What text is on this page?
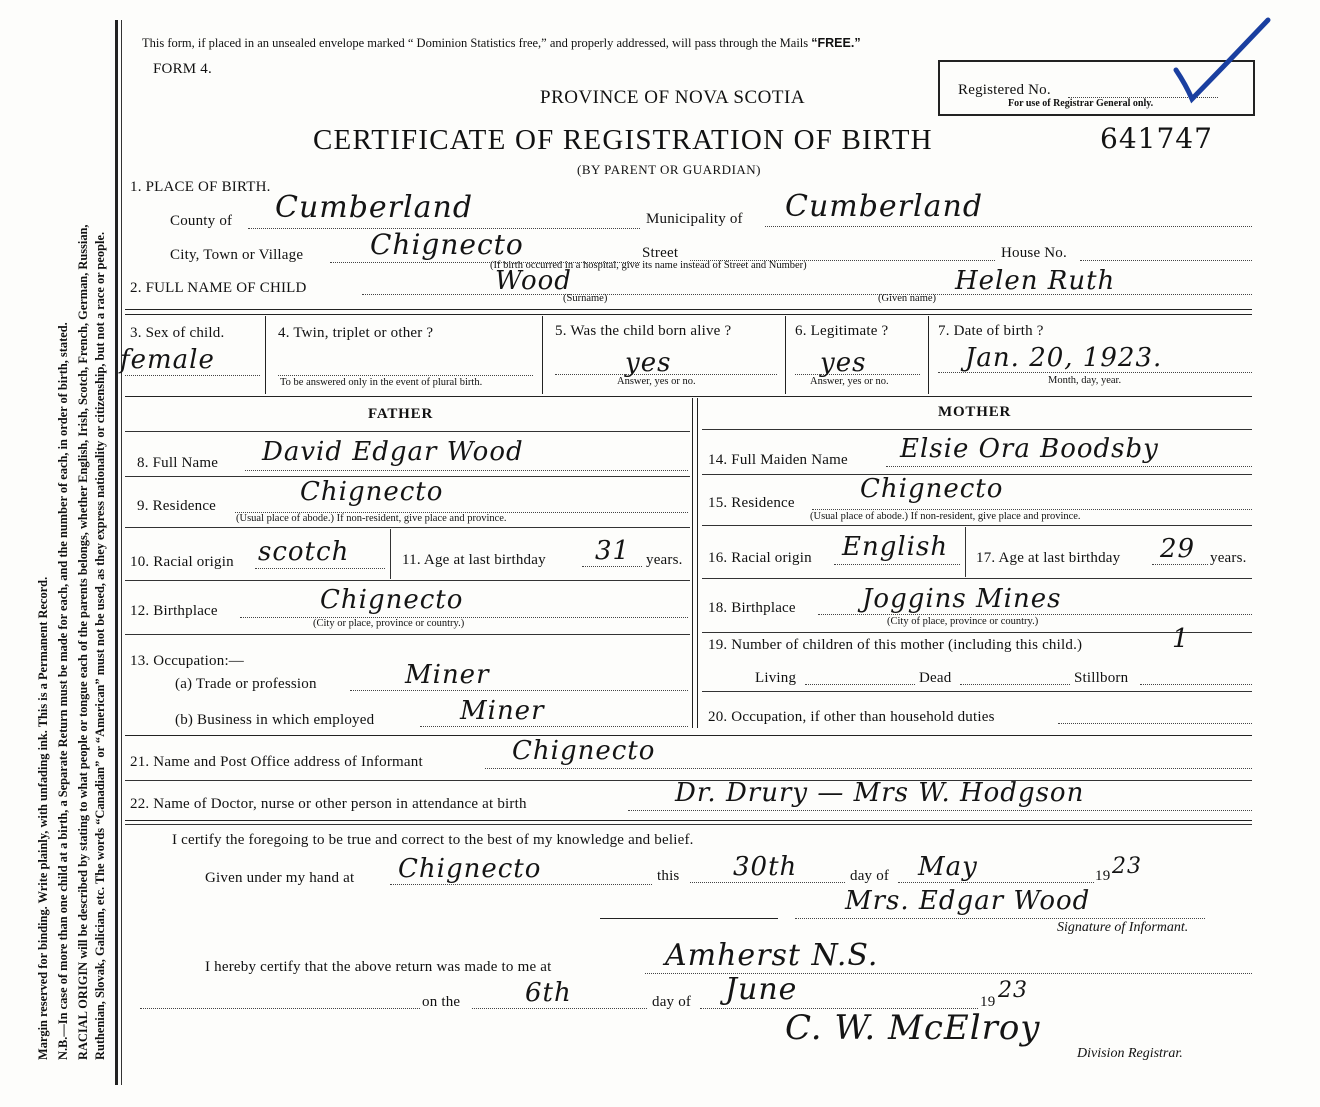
Margin reserved for binding. Write plainly, with unfading ink. This is a Permanent Record. N.B.—In case of more than one child at a birth, a Separate Return must be made for each, and the number of each, in order of birth, stated. RACIAL ORIGIN will be described by stating to what people or tongue each of the parents belongs, whether English, Irish, Scotch, French, German, Russian, Ruthenian, Slovak, Galician, etc. The words “Canadian” or “American” must not be used, as they express nationality or citizenship, but not a race or people.
This form, if placed in an unsealed envelope marked “ Dominion Statistics free,” and properly addressed, will pass through the Mails “FREE.”
FORM 4.
Registered No.
For use of Registrar General only.
PROVINCE OF NOVA SCOTIA
CERTIFICATE OF REGISTRATION OF BIRTH	641747
(BY PARENT OR GUARDIAN)
1. PLACE OF BIRTH.
County of Cumberland	Municipality of Cumberland
City, Town or Village Chignecto	Street	House No.
(If birth occurred in a hospital, give its name instead of Street and Number)
2. FULL NAME OF CHILD	Wood
(Surname)
Helen Ruth
(Given name)
3. Sex of child.
female
4. Twin, triplet or other ?
To be answered only in the event of plural birth.
5. Was the child born alive ?
yes
Answer, yes or no.
6. Legitimate ?
yes
Answer, yes or no.
7. Date of birth ?
Jan. 20, 1923.
Month, day, year.
FATHER	MOTHER
8. Full Name David Edgar Wood	14. Full Maiden Name Elsie Ora Boodsby
9. Residence	Chignecto
(Usual place of abode.) If non-resident, give place and province.
15. Residence	Chignecto
(Usual place of abode.) If non-resident, give place and province.
10. Racial origin scotch	11. Age at last birthday 31 years. 16. Racial origin English 17. Age at last birthday 29 years.
12. Birthplace	Chignecto
(City or place, province or country.)
18. Birthplace	Joggins Mines
(City of place, province or country.)
13. Occupation:—
(a) Trade or profession	Miner
(b) Business in which employed	Miner
19. Number of children of this mother (including this child.)	1
Living	Dead	Stillborn
20. Occupation, if other than household duties
21. Name and Post Office address of Informant	Chignecto
22. Name of Doctor, nurse or other person in attendance at birth	Dr. Drury — Mrs W. Hodgson
I certify the foregoing to be true and correct to the best of my knowledge and belief.
Given under my hand at Chignecto	this 30th	day of May	19 23
Mrs. Edgar Wood
Signature of Informant.
I hereby certify that the above return was made to me at	Amherst N.S.
on the 6th	day of June	19 23
C. W. McElroy
Division Registrar.
